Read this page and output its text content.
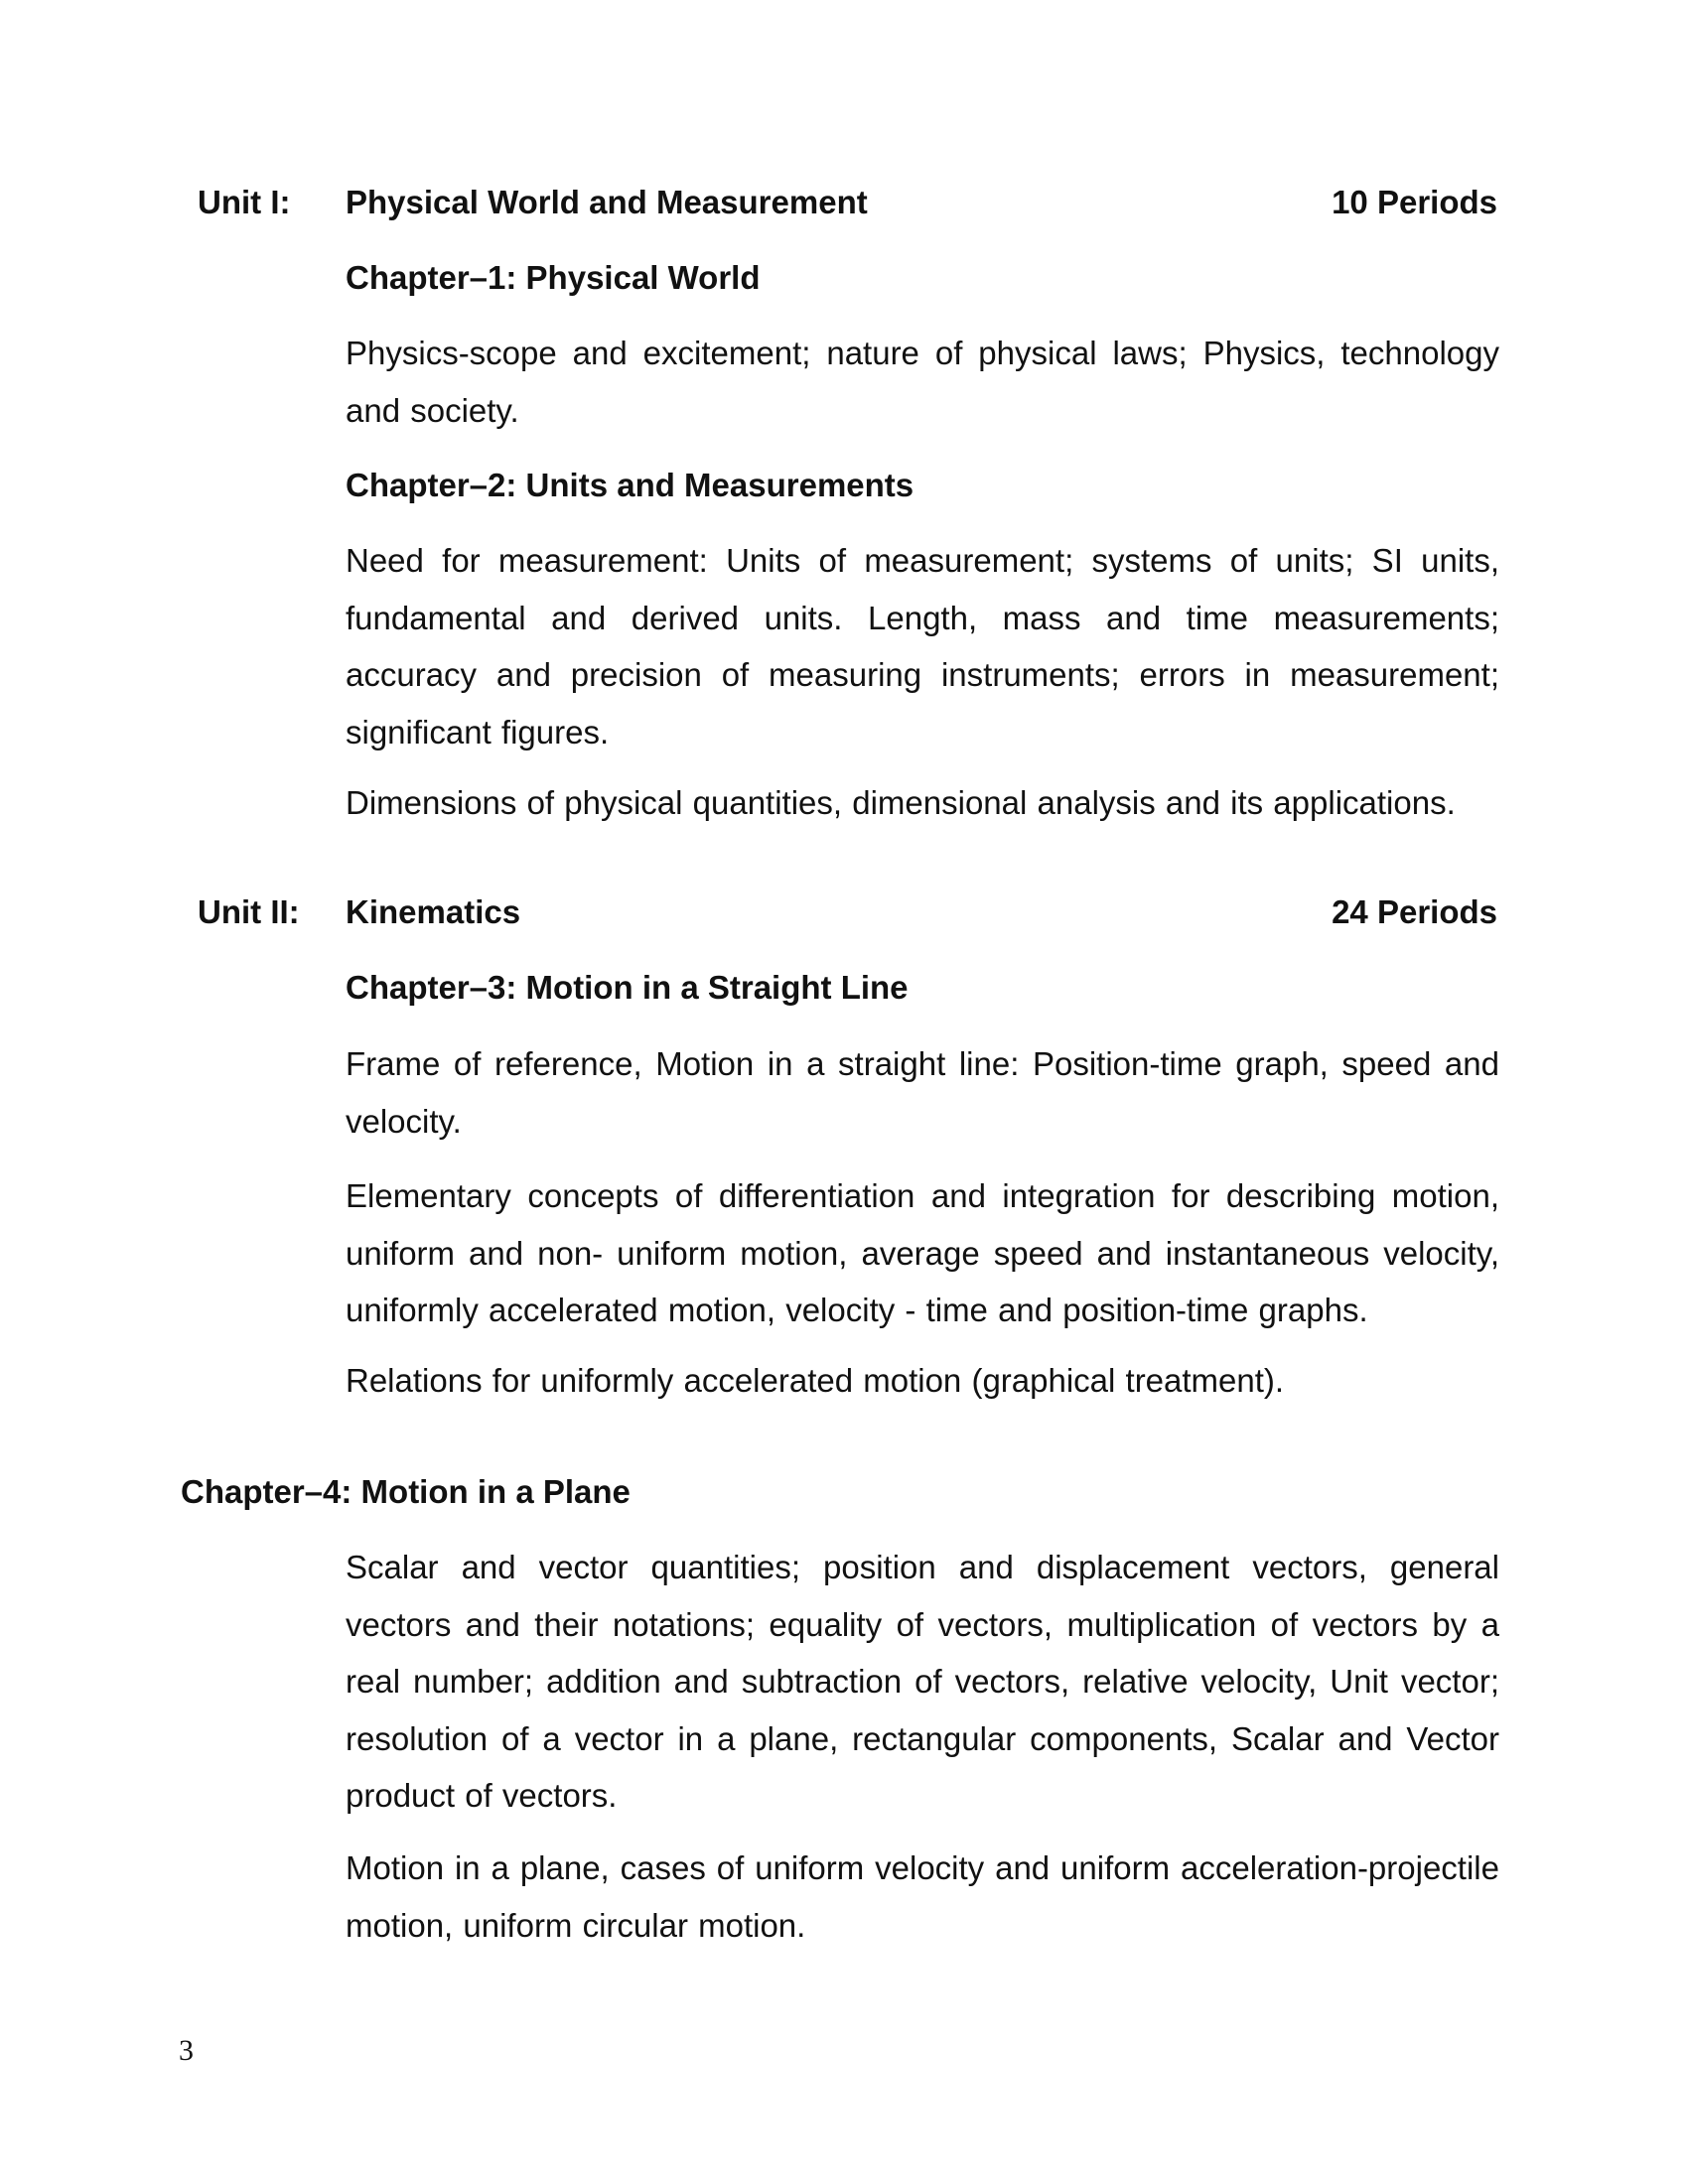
Unit I: Physical World and Measurement	10 Periods
Chapter–1: Physical World
Physics-scope and excitement; nature of physical laws; Physics, technology and society.
Chapter–2: Units and Measurements
Need for measurement: Units of measurement; systems of units; SI units, fundamental and derived units. Length, mass and time measurements; accuracy and precision of measuring instruments; errors in measurement; significant figures.
Dimensions of physical quantities, dimensional analysis and its applications.
Unit II: Kinematics	24 Periods
Chapter–3: Motion in a Straight Line
Frame of reference, Motion in a straight line: Position-time graph, speed and velocity.
Elementary concepts of differentiation and integration for describing motion, uniform and non- uniform motion, average speed and instantaneous velocity, uniformly accelerated motion, velocity - time and position-time graphs.
Relations for uniformly accelerated motion (graphical treatment).
Chapter–4: Motion in a Plane
Scalar and vector quantities; position and displacement vectors, general vectors and their notations; equality of vectors, multiplication of vectors by a real number; addition and subtraction of vectors, relative velocity, Unit vector; resolution of a vector in a plane, rectangular components, Scalar and Vector product of vectors.
Motion in a plane, cases of uniform velocity and uniform acceleration-projectile motion, uniform circular motion.
3
